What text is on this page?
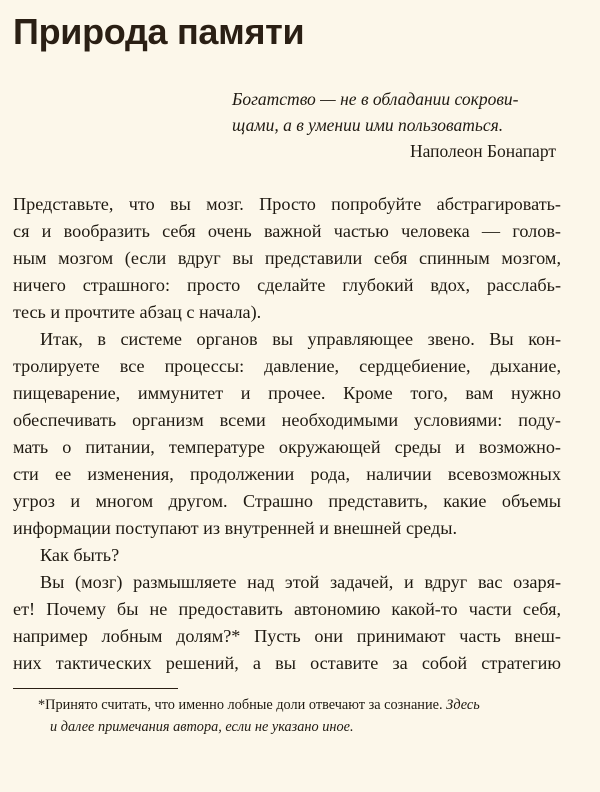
Природа памяти
Богатство — не в обладании сокрови-
щами, а в умении ими пользоваться.
Наполеон Бонапарт

Представьте, что вы мозг. Просто попробуйте абстрагировать-
ся и вообразить себя очень важной частью человека — голов-
ным мозгом (если вдруг вы представили себя спинным мозгом,
ничего страшного: просто сделайте глубокий вдох, расслабь-
тесь и прочтите абзац с начала).

Итак, в системе органов вы управляющее звено. Вы кон-
тролируете все процессы: давление, сердцебиение, дыхание,
пищеварение, иммунитет и прочее. Кроме того, вам нужно
обеспечивать организм всеми необходимыми условиями: поду-
мать о питании, температуре окружающей среды и возможно-
сти ее изменения, продолжении рода, наличии всевозможных
угроз и многом другом. Страшно представить, какие объемы
информации поступают из внутренней и внешней среды.

Как быть?

Вы (мозг) размышляете над этой задачей, и вдруг вас озаря-
ет! Почему бы не предоставить автономию какой-то части себя,
например лобным долям?* Пусть они принимают часть внеш-
них тактических решений, а вы оставите за собой стратегию

*Принято считать, что именно лобные доли отвечают за сознание. Здесь
и далее примечания автора, если не указано иное.
